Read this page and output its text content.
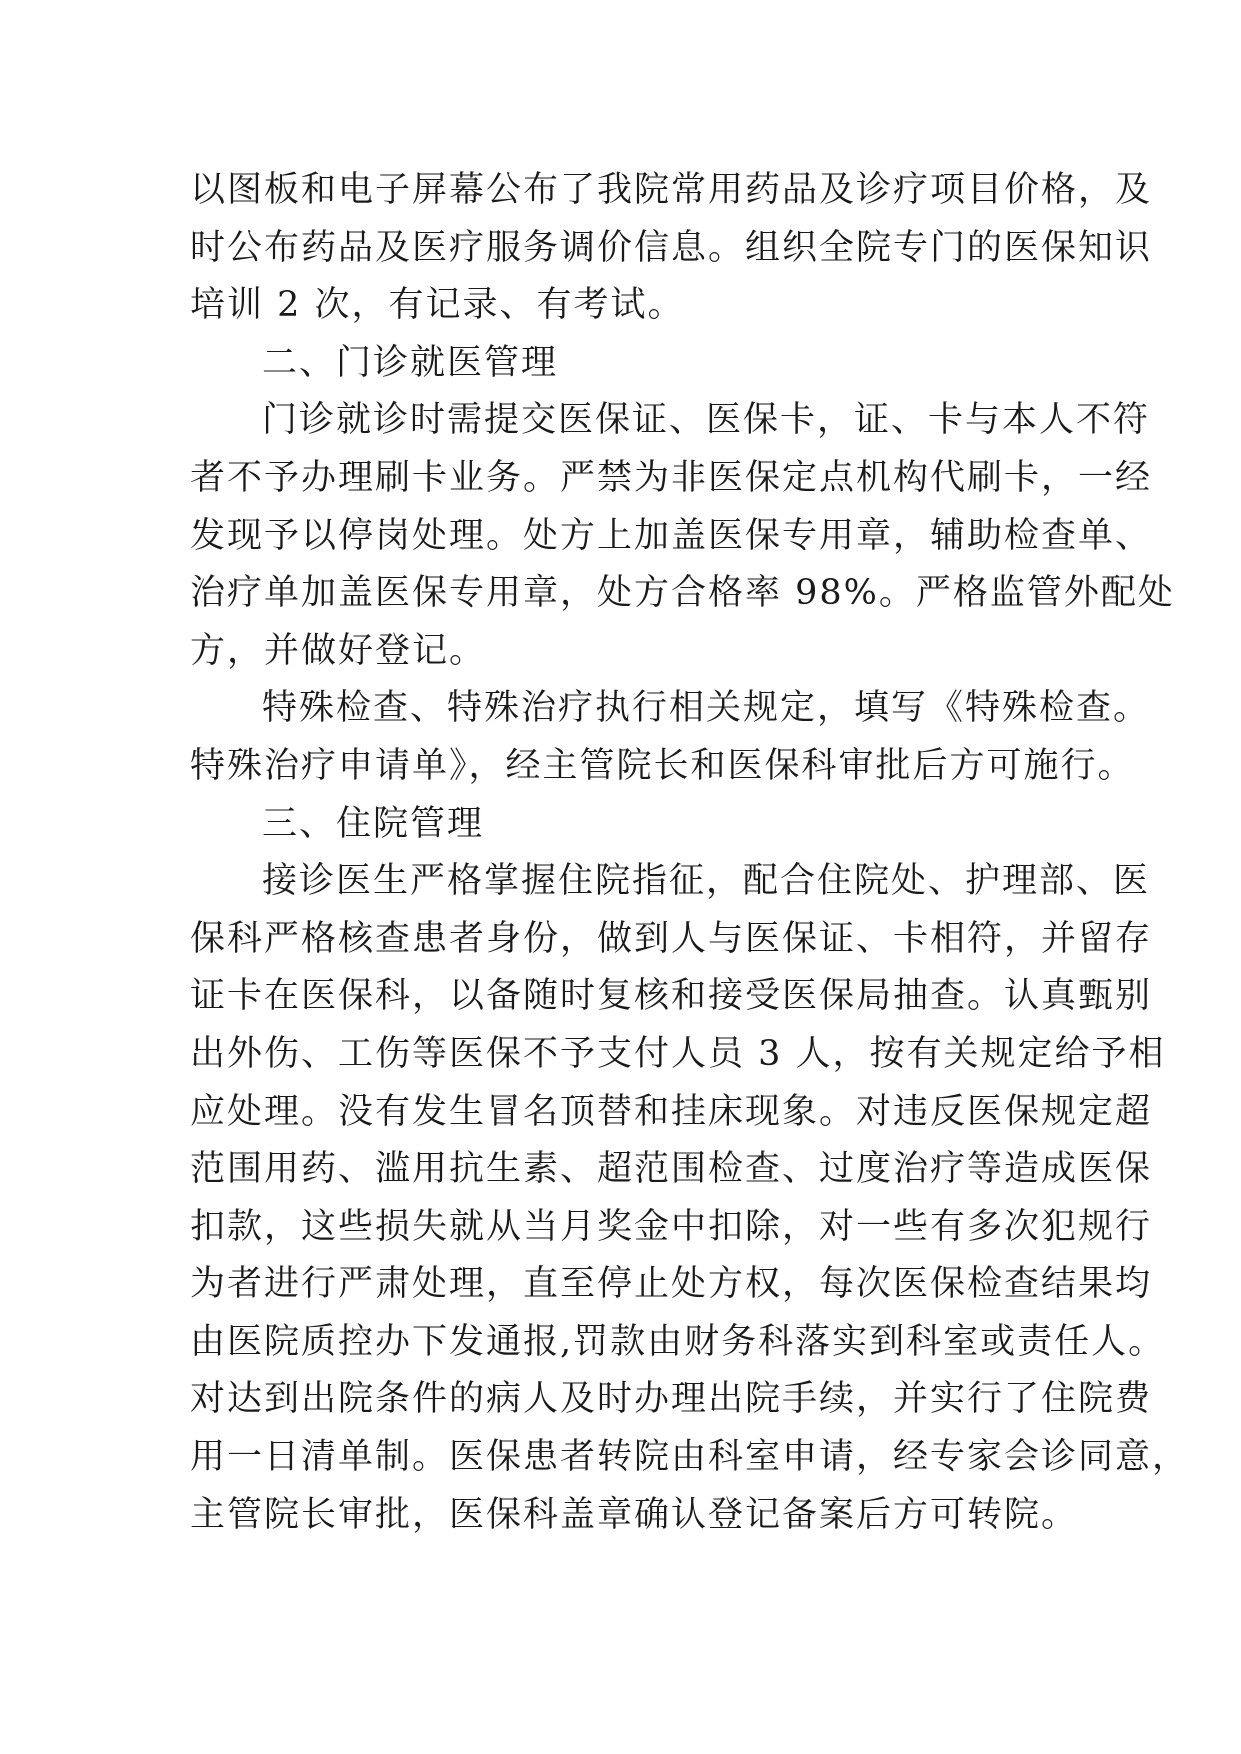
以图板和电子屏幕公布了我院常用药品及诊疗项目价格，及
时公布药品及医疗服务调价信息。组织全院专门的医保知识
培训 2 次，有记录、有考试。
二、门诊就医管理
门诊就诊时需提交医保证、医保卡，证、卡与本人不符
者不予办理刷卡业务。严禁为非医保定点机构代刷卡，一经
发现予以停岗处理。处方上加盖医保专用章，辅助检查单、
治疗单加盖医保专用章，处方合格率 98%。严格监管外配处
方，并做好登记。
特殊检查、特殊治疗执行相关规定，填写《特殊检查。
特殊治疗申请单》，经主管院长和医保科审批后方可施行。
三、住院管理
接诊医生严格掌握住院指征，配合住院处、护理部、医
保科严格核查患者身份，做到人与医保证、卡相符，并留存
证卡在医保科，以备随时复核和接受医保局抽查。认真甄别
出外伤、工伤等医保不予支付人员 3 人，按有关规定给予相
应处理。没有发生冒名顶替和挂床现象。对违反医保规定超
范围用药、滥用抗生素、超范围检查、过度治疗等造成医保
扣款，这些损失就从当月奖金中扣除，对一些有多次犯规行
为者进行严肃处理，直至停止处方权，每次医保检查结果均
由医院质控办下发通报,罚款由财务科落实到科室或责任人。
对达到出院条件的病人及时办理出院手续，并实行了住院费
用一日清单制。医保患者转院由科室申请，经专家会诊同意，
主管院长审批，医保科盖章确认登记备案后方可转院。
